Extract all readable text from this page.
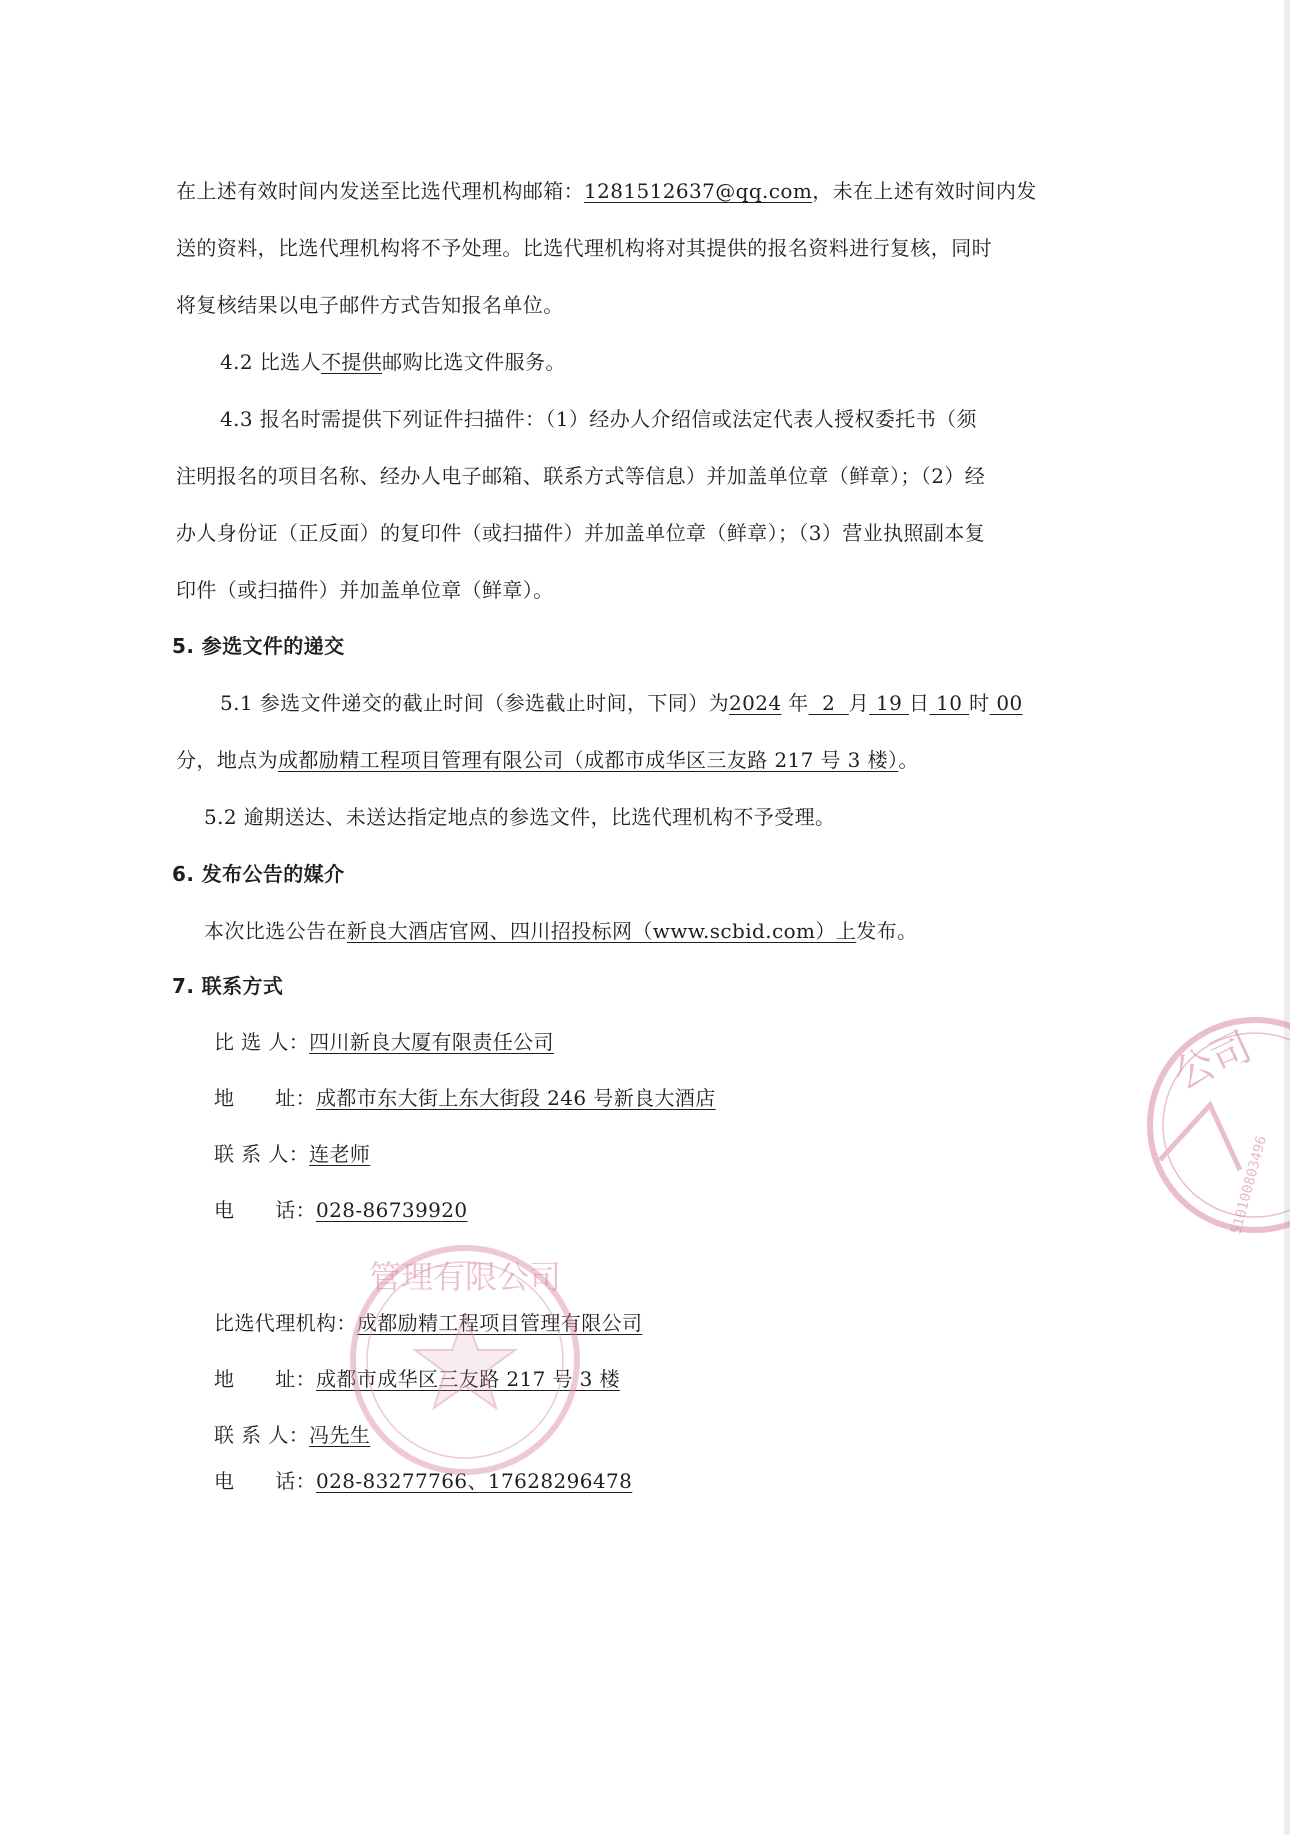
在上述有效时间内发送至比选代理机构邮箱：1281512637@qq.com，未在上述有效时间内发
送的资料，比选代理机构将不予处理。比选代理机构将对其提供的报名资料进行复核，同时
将复核结果以电子邮件方式告知报名单位。
4.2 比选人不提供邮购比选文件服务。
4.3 报名时需提供下列证件扫描件：（1）经办人介绍信或法定代表人授权委托书（须
注明报名的项目名称、经办人电子邮箱、联系方式等信息）并加盖单位章（鲜章）；（2）经
办人身份证（正反面）的复印件（或扫描件）并加盖单位章（鲜章）；（3）营业执照副本复
印件（或扫描件）并加盖单位章（鲜章）。
5. 参选文件的递交
5.1 参选文件递交的截止时间（参选截止时间，下同）为2024 年 2 月 19 日 10 时 00
分，地点为成都励精工程项目管理有限公司（成都市成华区三友路 217 号 3 楼）。
5.2 逾期送达、未送达指定地点的参选文件，比选代理机构不予受理。
6. 发布公告的媒介
本次比选公告在新良大酒店官网、四川招投标网（www.scbid.com）上发布。
7. 联系方式
比 选 人：四川新良大厦有限责任公司
地　　址：成都市东大街上东大街段 246 号新良大酒店
联 系 人：连老师
电　　话：028-86739920
比选代理机构：成都励精工程项目管理有限公司
地　　址：成都市成华区三友路 217 号 3 楼
联 系 人：冯先生
电　　话：028-83277766、17628296478
公司
510100803496
管理有限公司
